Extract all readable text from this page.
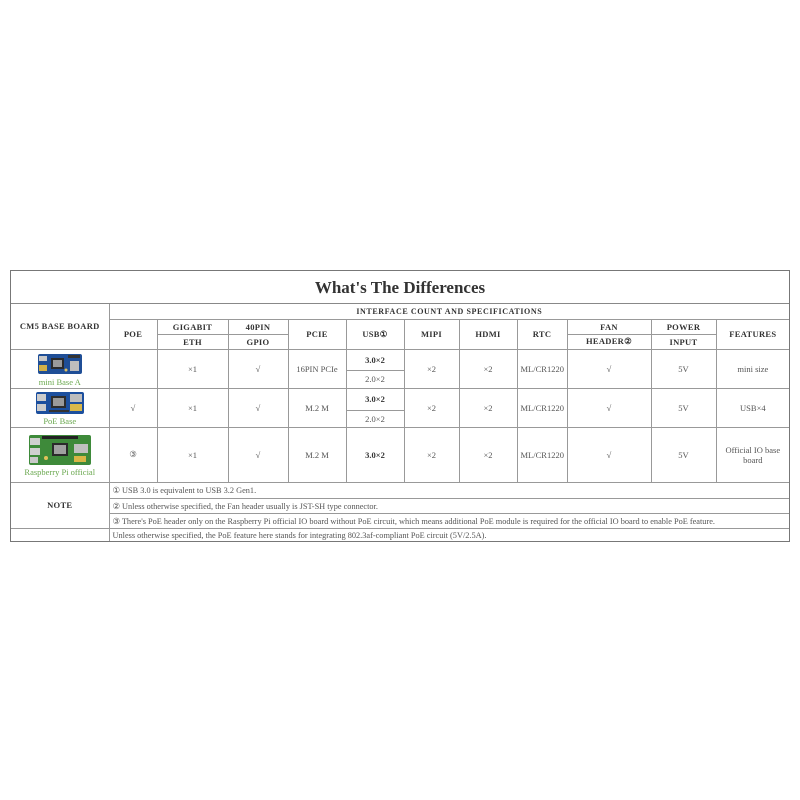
What's The Differences
CM5 BASE BOARD	INTERFACE COUNT AND SPECIFICATIONS										
	POE	GIGABIT	40PIN	PCIE	USB①	MIPI	HDMI	RTC	FAN	POWER	FEATURES
		ETH	GPIO						HEADER②	INPUT	

mini Base A		×1	√	16PIN PCIe	3.0×2	×2	×2	ML/CR1220	√	5V	mini size
					2.0×2						

PoE Base	√	×1	√	M.2 M	3.0×2	×2	×2	ML/CR1220	√	5V	USB×4
					2.0×2						

Raspberry Pi official	③	×1	√	M.2 M	3.0×2	×2	×2	ML/CR1220	√	5V	Official IO base
board

NOTE	① USB 3.0 is equivalent to USB 3.2 Gen1.										
	② Unless otherwise specified, the Fan header usually is JST-SH type connector.										
	③ There's PoE header only on the Raspberry Pi official IO board without PoE circuit, which means additional PoE module is required for the official IO board to enable PoE feature.										
	Unless otherwise specified, the PoE feature here stands for integrating 802.3af-compliant PoE circuit (5V/2.5A).										
